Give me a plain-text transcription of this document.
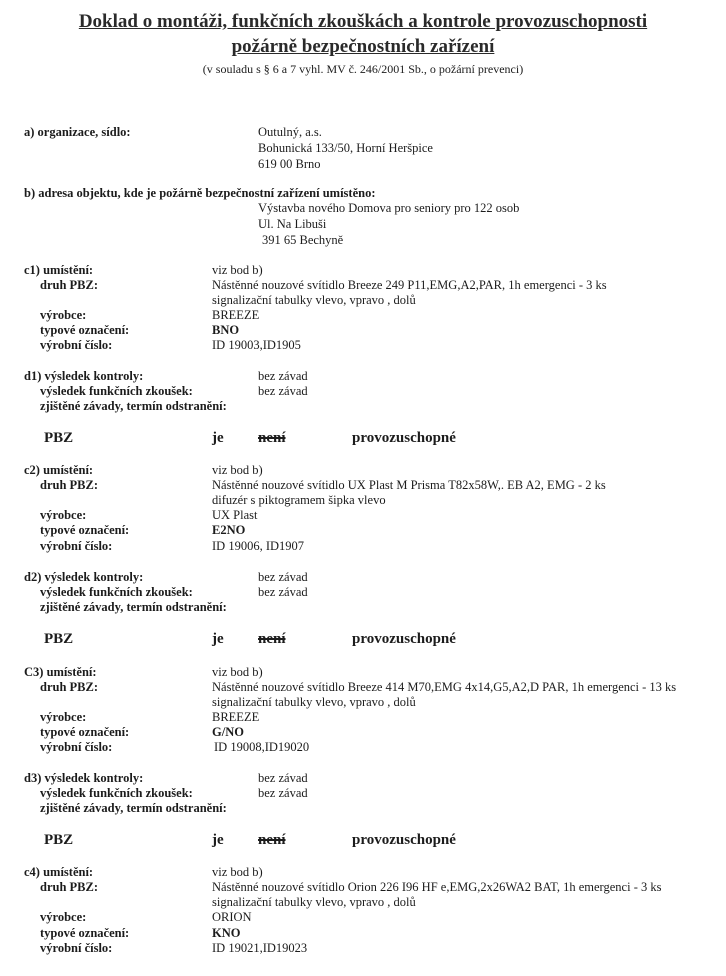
Doklad o montáži, funkčních zkouškách a kontrole provozuschopnosti
požárně bezpečnostních zařízení
(v souladu s § 6 a 7 vyhl. MV č. 246/2001 Sb., o požární prevenci)
a) organizace, sídlo:	Outulný, a.s.
Bohunická 133/50, Horní Heršpice
619 00 Brno
b) adresa objektu, kde je požárně bezpečnostní zařízení umístěno:
Výstavba nového Domova pro seniory pro 122 osob
Ul. Na Libuši
391 65 Bechyně
c1) umístění:	viz bod b)
druh PBZ:	Nástěnné nouzové svítidlo Breeze 249 P11,EMG,A2,PAR, 1h emergenci - 3 ks
signalizační tabulky vlevo, vpravo , dolů
výrobce:	BREEZE
typové označení:	BNO
výrobní číslo:	ID 19003,ID1905
d1) výsledek kontroly:	bez závad
výsledek funkčních zkoušek:	bez závad
zjištěné závady, termín odstranění:
PBZ	je není	provozuschopné
c2) umístění:	viz bod b)
druh PBZ:	Nástěnné nouzové svítidlo UX Plast M Prisma T82x58W,. EB A2, EMG - 2 ks
difuzér s piktogramem šipka vlevo
výrobce:	UX Plast
typové označení:	E2NO
výrobní číslo:	ID 19006, ID1907
d2) výsledek kontroly:	bez závad
výsledek funkčních zkoušek:	bez závad
zjištěné závady, termín odstranění:
PBZ	je není	provozuschopné
C3) umístění:	viz bod b)
druh PBZ:	Nástěnné nouzové svítidlo Breeze 414 M70,EMG 4x14,G5,A2,D PAR, 1h emergenci - 13 ks
signalizační tabulky vlevo, vpravo , dolů
výrobce:	BREEZE
typové označení:	G/NO
výrobní číslo:	ID 19008,ID19020
d3) výsledek kontroly:	bez závad
výsledek funkčních zkoušek:	bez závad
zjištěné závady, termín odstranění:
PBZ	je není	provozuschopné
c4) umístění:	viz bod b)
druh PBZ:	Nástěnné nouzové svítidlo Orion 226 I96 HF e,EMG,2x26WA2 BAT, 1h emergenci - 3 ks
signalizační tabulky vlevo, vpravo , dolů
výrobce:	ORION
typové označení:	KNO
výrobní číslo:	ID 19021,ID19023
